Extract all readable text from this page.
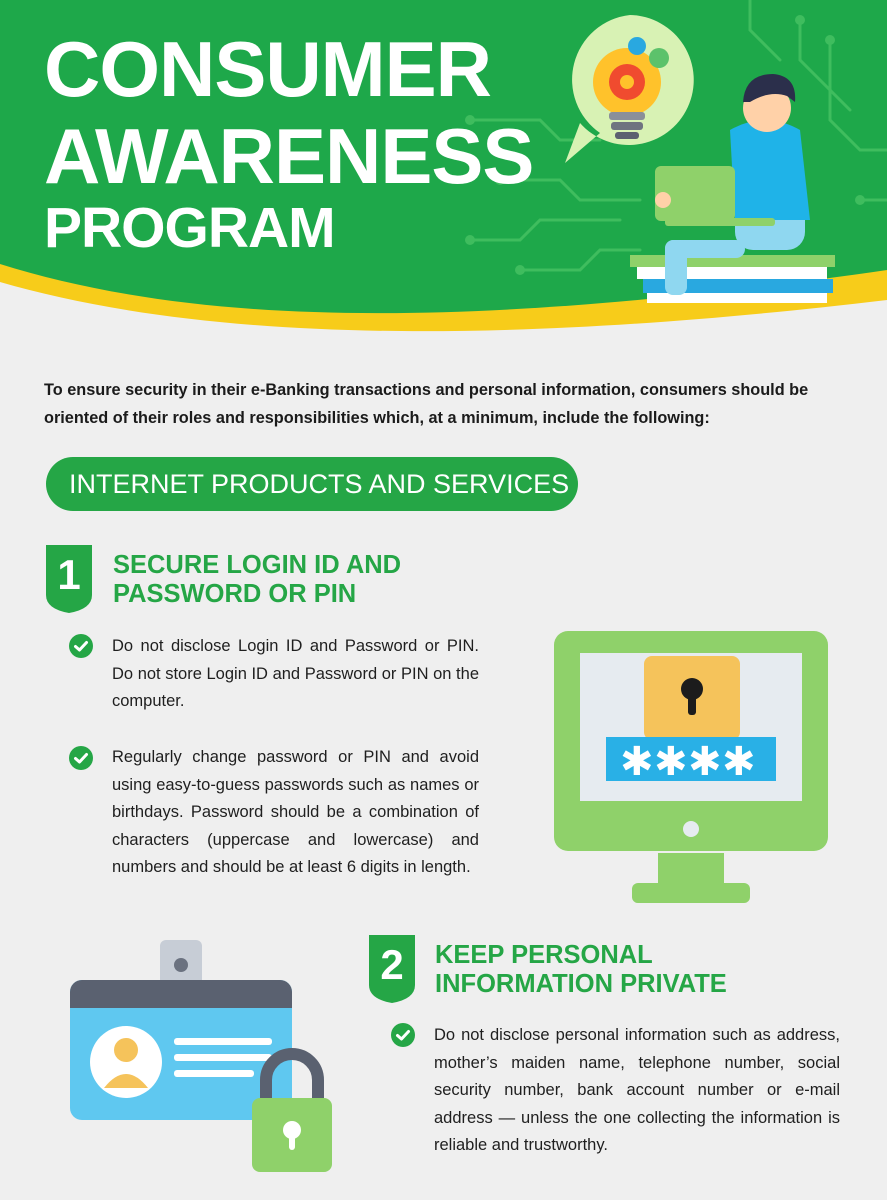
CONSUMER
AWARENESS
PROGRAM
To ensure security in their e-Banking transactions and personal information, consumers should be oriented of their roles and responsibilities which, at a minimum, include the following:
INTERNET PRODUCTS AND SERVICES
1	SECURE LOGIN ID AND
PASSWORD OR PIN
Do not disclose Login ID and Password or PIN. Do not store Login ID and Password or PIN on the computer.
Regularly change password or PIN and avoid using easy-to-guess passwords such as names or birthdays. Password should be a combination of characters (uppercase and lowercase) and numbers and should be at least 6 digits in length.
✱ ✱ ✱ ✱
2	KEEP PERSONAL
INFORMATION PRIVATE
Do not disclose personal information such as address, mother’s maiden name, telephone number, social security number, bank account number or e-mail address — unless the one collecting the information is reliable and trustworthy.
